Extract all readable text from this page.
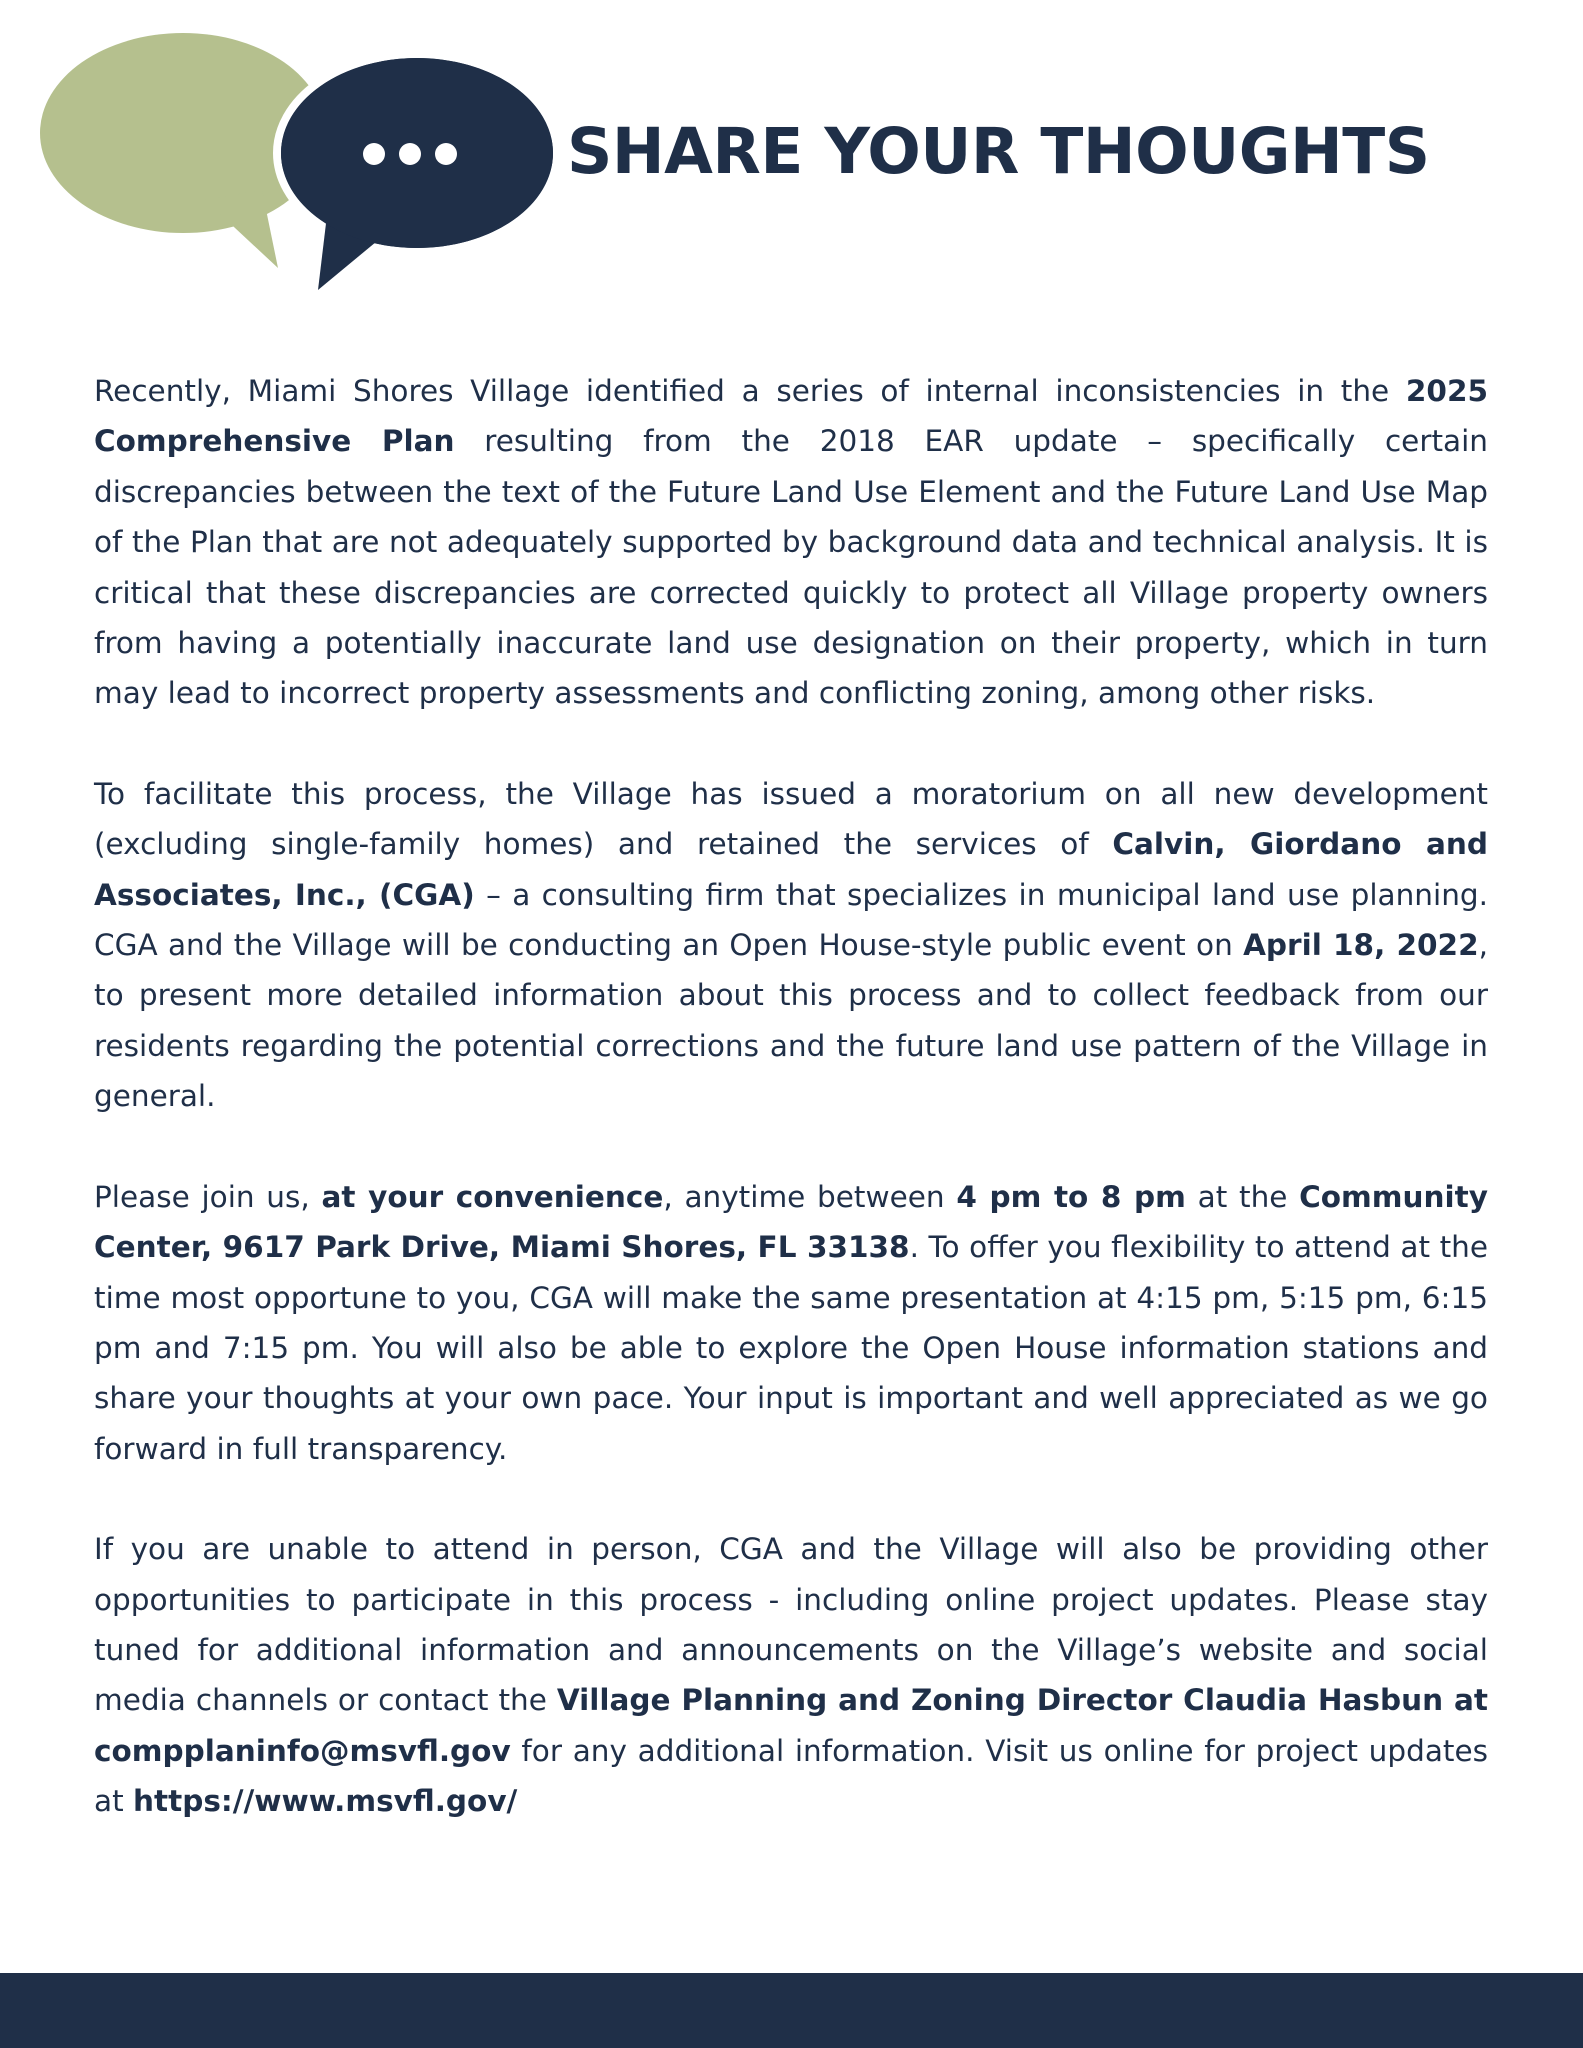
SHARE YOUR THOUGHTS

Recently, Miami Shores Village identified a series of internal inconsistencies in the 2025 Comprehensive Plan resulting from the 2018 EAR update – specifically certain discrepancies between the text of the Future Land Use Element and the Future Land Use Map of the Plan that are not adequately supported by background data and technical analysis. It is critical that these discrepancies are corrected quickly to protect all Village property owners from having a potentially inaccurate land use designation on their property, which in turn may lead to incorrect property assessments and conflicting zoning, among other risks.

To facilitate this process, the Village has issued a moratorium on all new development (excluding single-family homes) and retained the services of Calvin, Giordano and Associates, Inc., (CGA) – a consulting firm that specializes in municipal land use planning. CGA and the Village will be conducting an Open House-style public event on April 18, 2022, to present more detailed information about this process and to collect feedback from our residents regarding the potential corrections and the future land use pattern of the Village in general.

Please join us, at your convenience, anytime between 4 pm to 8 pm at the Community Center, 9617 Park Drive, Miami Shores, FL 33138. To offer you flexibility to attend at the time most opportune to you, CGA will make the same presentation at 4:15 pm, 5:15 pm, 6:15 pm and 7:15 pm. You will also be able to explore the Open House information stations and share your thoughts at your own pace. Your input is important and well appreciated as we go forward in full transparency.

If you are unable to attend in person, CGA and the Village will also be providing other opportunities to participate in this process - including online project updates. Please stay tuned for additional information and announcements on the Village’s website and social media channels or contact the Village Planning and Zoning Director Claudia Hasbun at compplaninfo@msvfl.gov for any additional information. Visit us online for project updates at https://www.msvfl.gov/
